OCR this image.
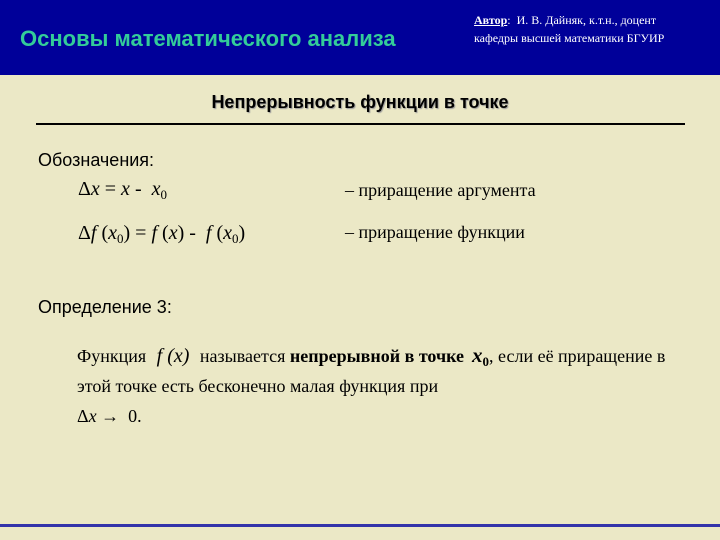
Основы математического анализа
Автор: И. В. Дайняк, к.т.н., доцент
кафедры высшей математики БГУИР
Непрерывность функции в точке
Обозначения:
$\Delta x = x - x_0$	– приращение аргумента
Δf $(x_0) = f$ (x) -  f $(x_0)$	– приращение функции
Определение 3:
Функция f (x) называется непрерывной в точке $x_0$, если её приращение в этой точке есть бесконечно малая функция при
Δx → 0.
